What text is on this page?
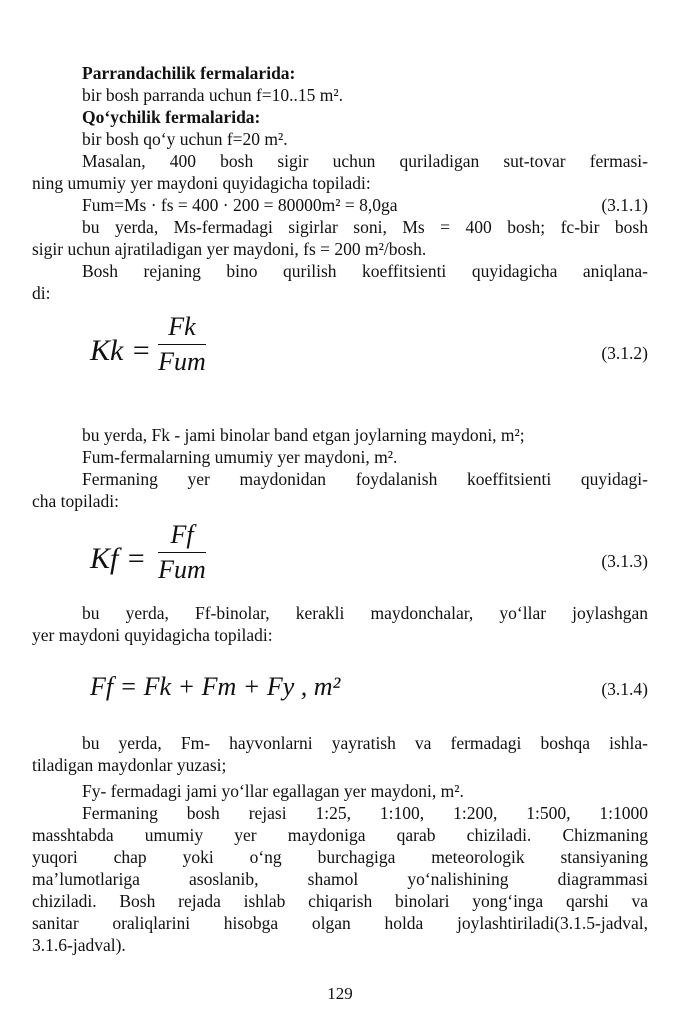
Parrandachilik fermalarida:
bir bosh parranda uchun f=10..15 m².
Qo‘ychilik fermalarida:
bir bosh qo‘y uchun f=20 m².
Masalan, 400 bosh sigir uchun quriladigan sut-tovar fermasi-
ning umumiy yer maydoni quyidagicha topiladi:
Fum=Ms · fs = 400 · 200 = 80000m² = 8,0ga	(3.1.1)
bu yerda, Ms-fermadagi sigirlar soni, Ms = 400 bosh; fc-bir bosh
sigir uchun ajratiladigan yer maydoni, fs = 200 m²/bosh.
Bosh rejaning bino qurilish koeffitsienti quyidagicha aniqlana-
di:
Kk =
Fk
Fum	(3.1.2)
bu yerda, Fk - jami binolar band etgan joylarning maydoni, m²;
Fum-fermalarning umumiy yer maydoni, m².
Fermaning yer maydonidan foydalanish koeffitsienti quyidagi-
cha topiladi:
Kf =
Ff
Fum	(3.1.3)
bu yerda, Ff-binolar, kerakli maydonchalar, yo‘llar joylashgan
yer maydoni quyidagicha topiladi:
Ff = Fk + Fm + Fy , m²	(3.1.4)
bu yerda, Fm- hayvonlarni yayratish va fermadagi boshqa ishla-
tiladigan maydonlar yuzasi;
Fy- fermadagi jami yo‘llar egallagan yer maydoni, m².
Fermaning bosh rejasi 1:25, 1:100, 1:200, 1:500, 1:1000
masshtabda umumiy yer maydoniga qarab chiziladi. Chizmaning
yuqori chap yoki o‘ng burchagiga meteorologik stansiyaning
ma’lumotlariga asoslanib, shamol yo‘nalishining diagrammasi
chiziladi. Bosh rejada ishlab chiqarish binolari yong‘inga qarshi va
sanitar oraliqlarini hisobga olgan holda joylashtiriladi(3.1.5-jadval,
3.1.6-jadval).
129
